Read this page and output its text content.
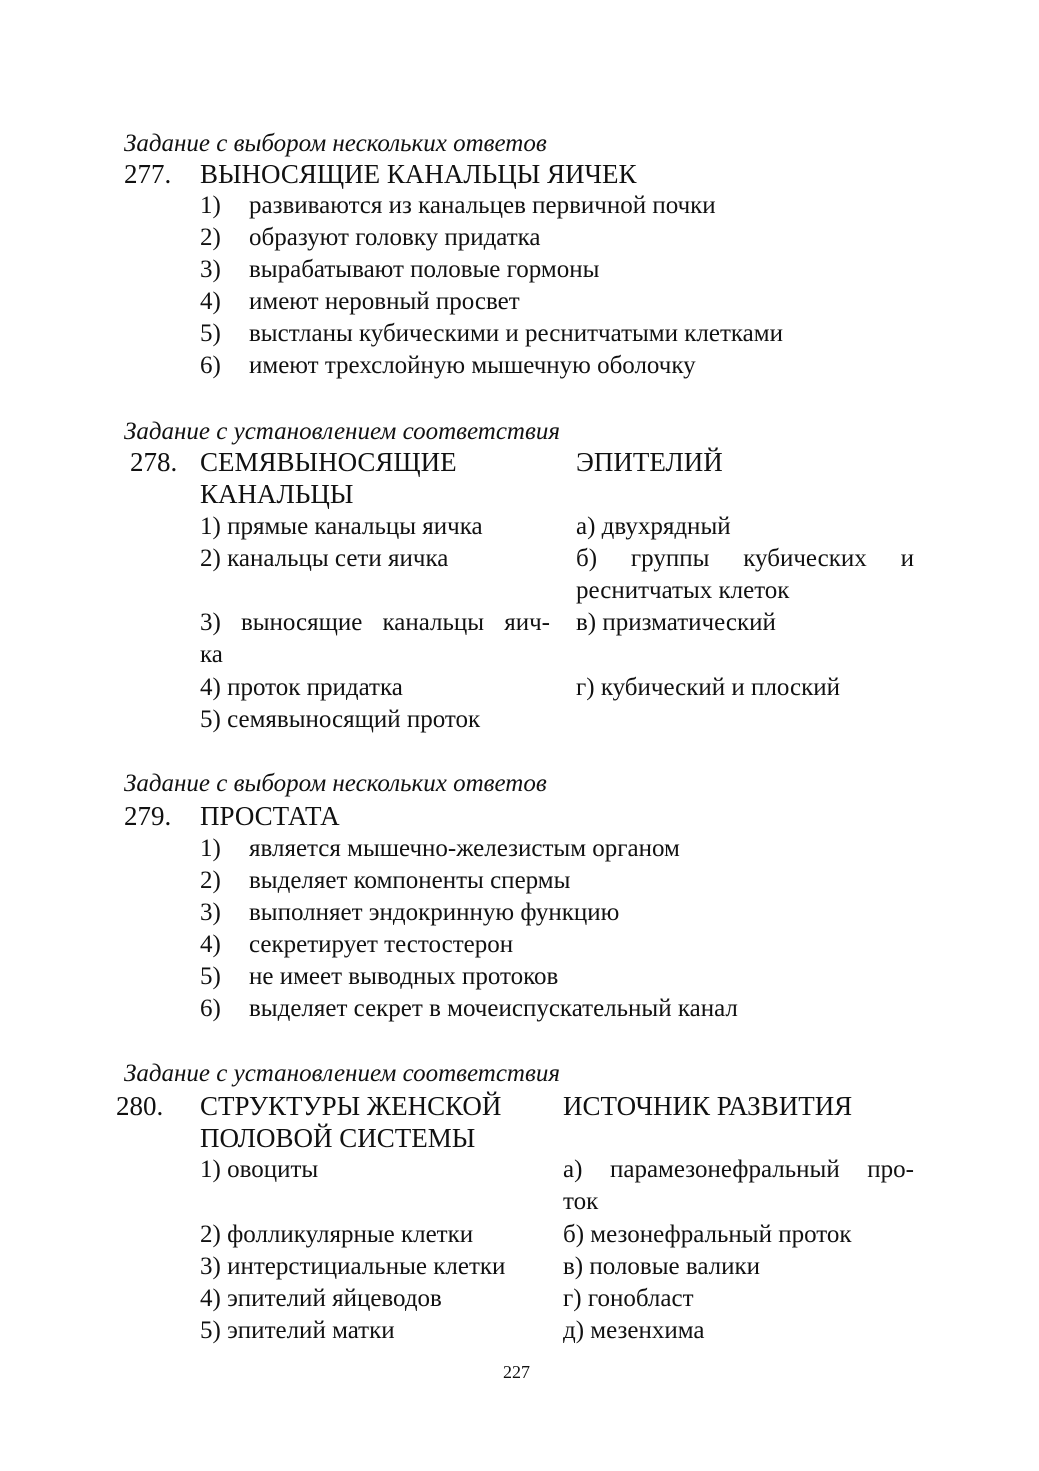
Задание с выбором нескольких ответов
277. ВЫНОСЯЩИЕ КАНАЛЬЦЫ ЯИЧЕК
1) развиваются из канальцев первичной почки
2) образуют головку придатка
3) вырабатывают половые гормоны
4) имеют неровный просвет
5) выстланы кубическими и реснитчатыми клетками
6) имеют трехслойную мышечную оболочку
Задание с установлением соответствия
278. СЕМЯВЫНОСЯЩИЕ
КАНАЛЬЦЫ
ЭПИТЕЛИЙ
1) прямые канальцы яичка
2) канальцы сети яичка
3) выносящие канальцы яич-
ка
4) проток придатка
5) семявыносящий проток
а) двухрядный
б) группы кубических и
реснитчатых клеток
в) призматический
г) кубический и плоский
Задание с выбором нескольких ответов
279. ПРОСТАТА
1) является мышечно-железистым органом
2) выделяет компоненты спермы
3) выполняет эндокринную функцию
4) секретирует тестостерон
5) не имеет выводных протоков
6) выделяет секрет в мочеиспускательный канал
Задание с установлением соответствия
280. СТРУКТУРЫ ЖЕНСКОЙ
ПОЛОВОЙ СИСТЕМЫ
ИСТОЧНИК РАЗВИТИЯ
1) овоциты
2) фолликулярные клетки
3) интерстициальные клетки
4) эпителий яйцеводов
5) эпителий матки
а) парамезонефральный про-
ток
б) мезонефральный проток
в) половые валики
г) гонобласт
д) мезенхима
227
